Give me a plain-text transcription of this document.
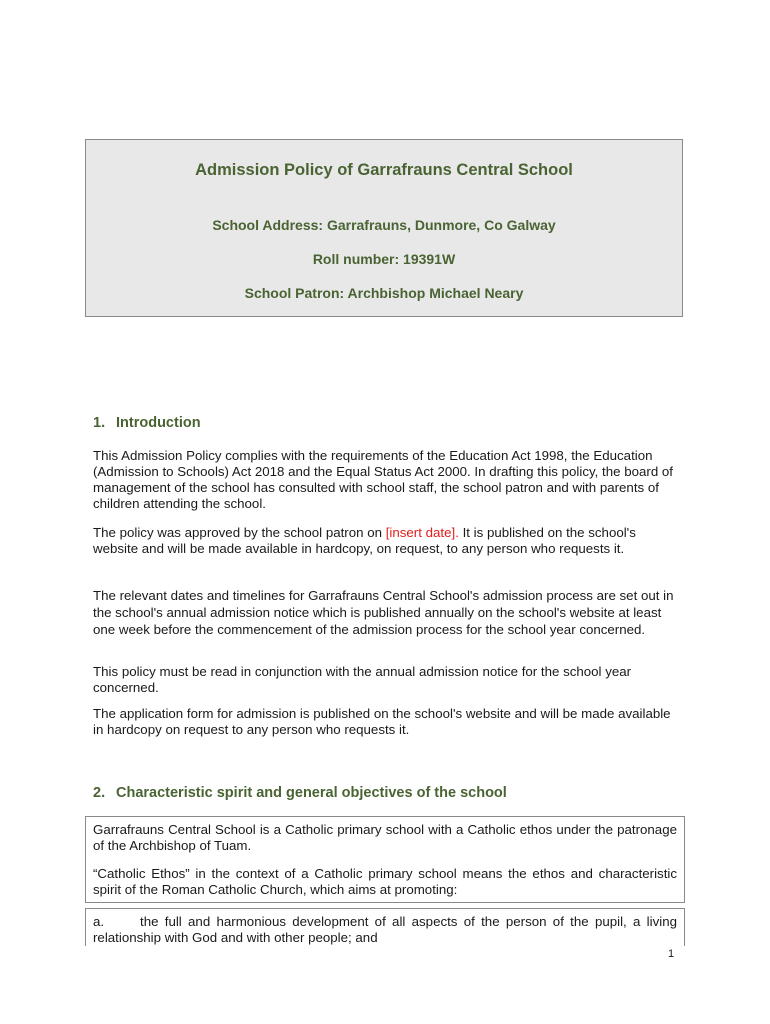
Admission Policy of Garrafrauns Central School
School Address: Garrafrauns, Dunmore, Co Galway
Roll number: 19391W
School Patron: Archbishop Michael Neary
1. Introduction
This Admission Policy complies with the requirements of the Education Act 1998, the Education (Admission to Schools) Act 2018 and the Equal Status Act 2000. In drafting this policy, the board of management of the school has consulted with school staff, the school patron and with parents of children attending the school.
The policy was approved by the school patron on [insert date]. It is published on the school's website and will be made available in hardcopy, on request, to any person who requests it.
The relevant dates and timelines for Garrafrauns Central School's admission process are set out in the school's annual admission notice which is published annually on the school's website at least one week before the commencement of the admission process for the school year concerned.
This policy must be read in conjunction with the annual admission notice for the school year concerned.
The application form for admission is published on the school's website and will be made available in hardcopy on request to any person who requests it.
2. Characteristic spirit and general objectives of the school

Garrafrauns Central School is a Catholic primary school with a Catholic ethos under the patronage of the Archbishop of Tuam.

“Catholic Ethos” in the context of a Catholic primary school means the ethos and characteristic spirit of the Roman Catholic Church, which aims at promoting:

a.	the full and harmonious development of all aspects of the person of the pupil, a living relationship with God and with other people; and
1
